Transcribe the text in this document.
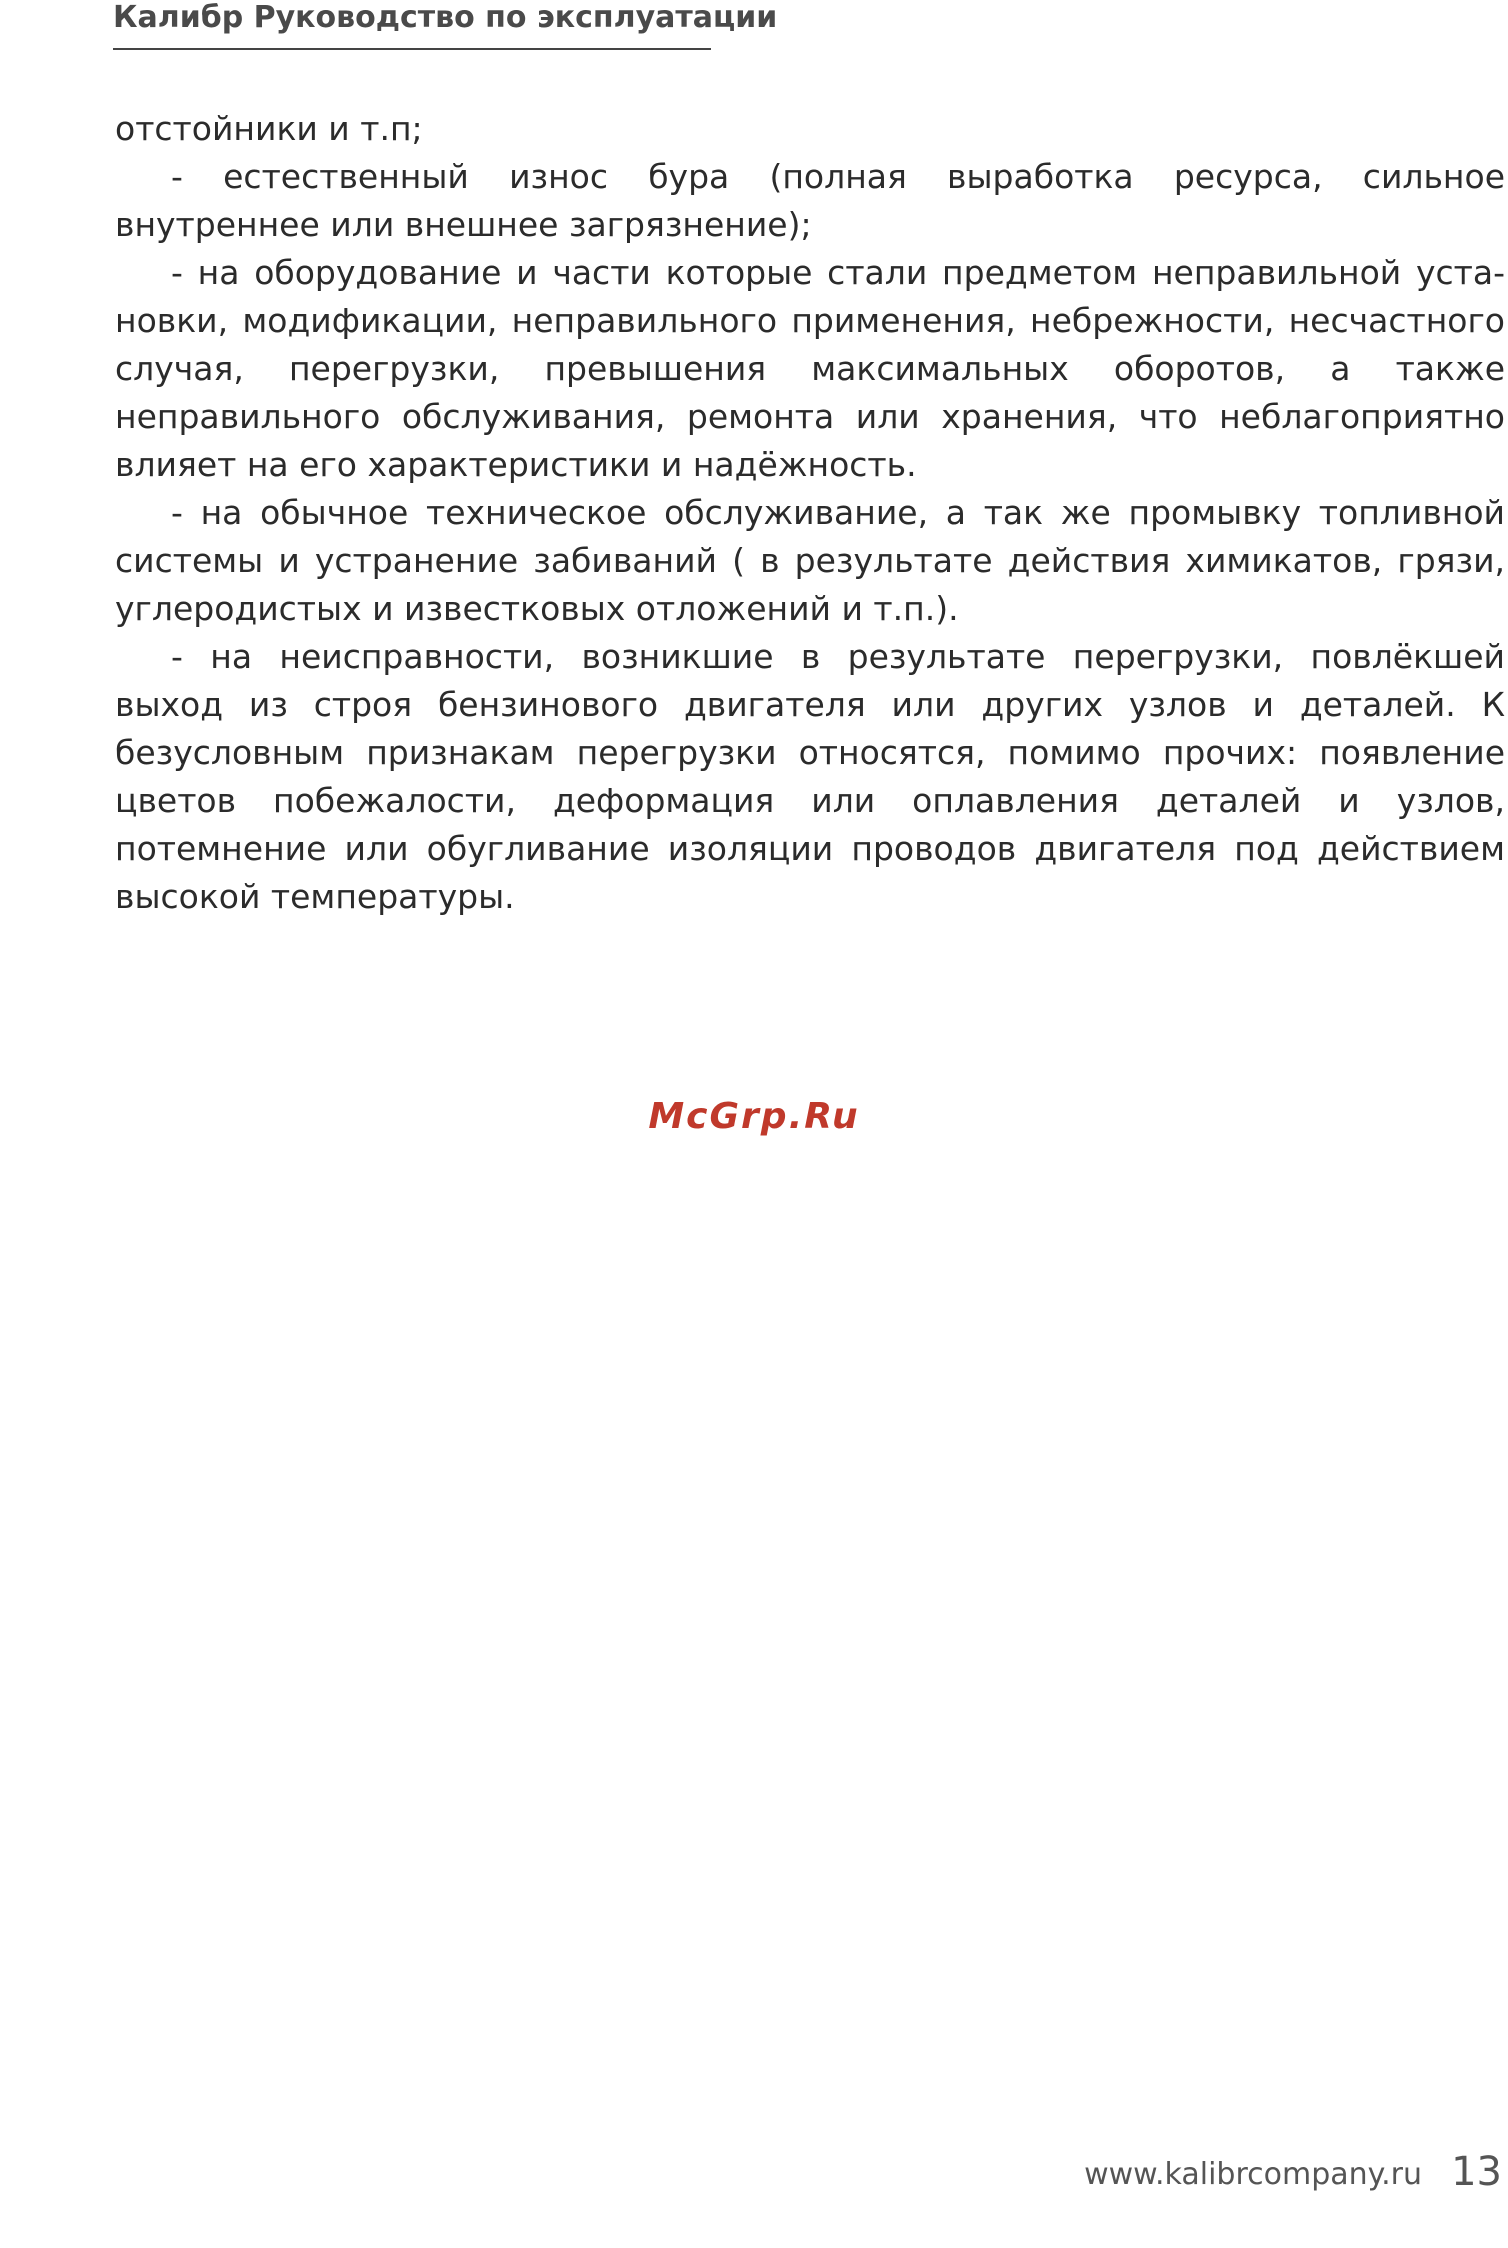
Калибр Руководство по эксплуатации

отстойники и т.п;

- естественный износ бура (полная выработка ресурса, сильное внутреннее или внешнее загрязнение);

- на оборудование и части которые стали предметом неправильной установки, модификации, неправильного применения, небрежности, несчастного случая, перегрузки, превышения максимальных оборотов, а также неправильного обслуживания, ремонта или хранения, что неблагоприятно влияет на его характеристики и надёжность.

- на обычное техническое обслуживание, а так же промывку топливной системы и устранение забиваний ( в результате действия химикатов, грязи, углеродистых и известковых отложений и т.п.).

- на неисправности, возникшие в результате перегрузки, повлёкшей выход из строя бензинового двигателя или других узлов и деталей. К безусловным признакам перегрузки относятся, помимо прочих: появление цветов побежалости, деформация или оплавления деталей и узлов, потемнение или обугливание изоляции проводов двигателя под действием высокой температуры.

McGrp.Ru
www.kalibrcompany.ru 13
